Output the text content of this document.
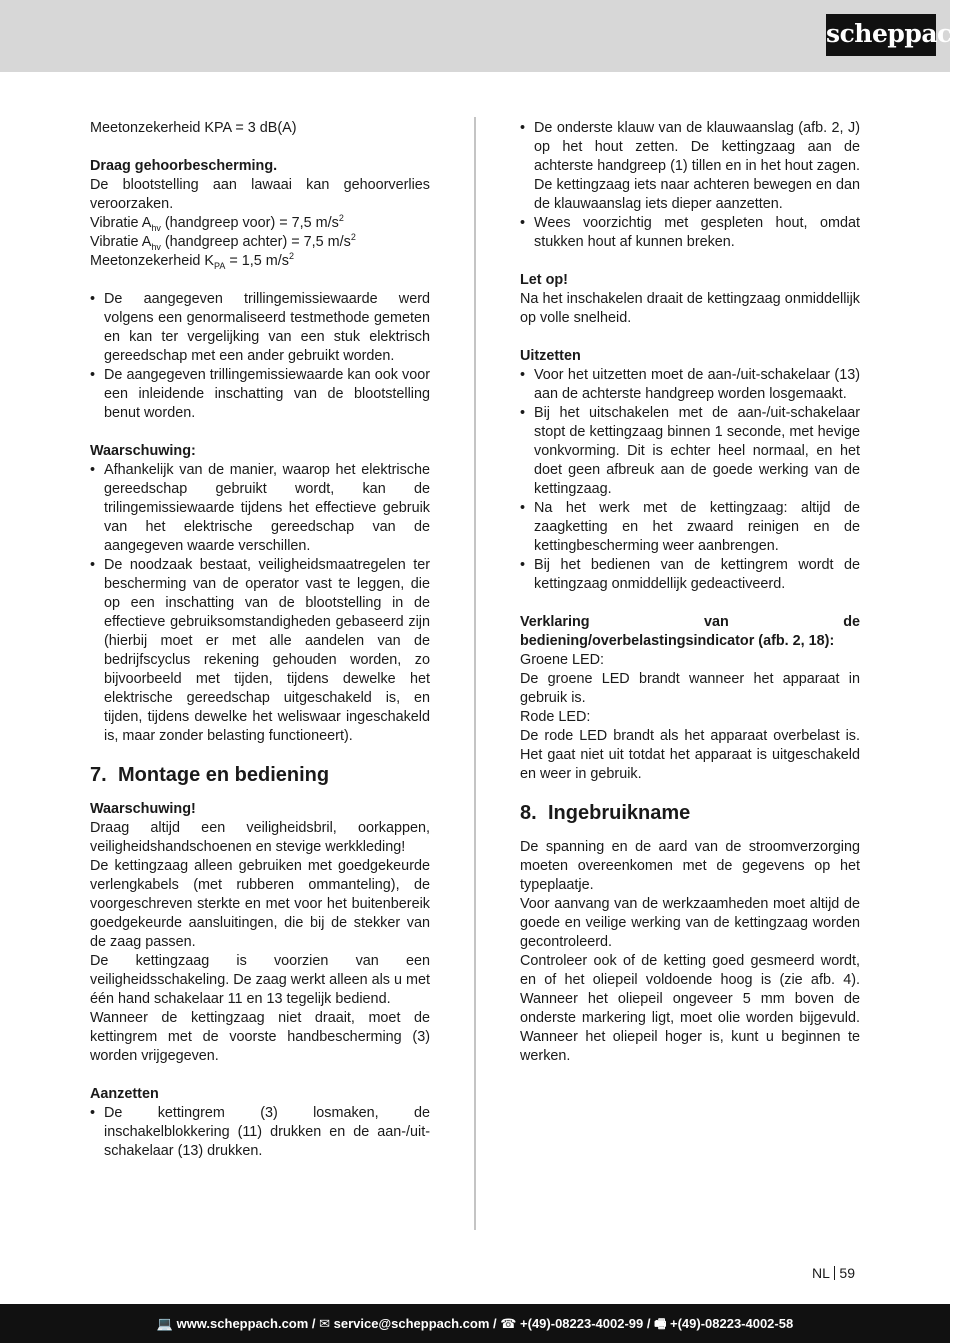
scheppach

Meetonzekerheid KPA = 3 dB(A)

Draag gehoorbescherming.

De blootstelling aan lawaai kan gehoorverlies veroorzaken.

Vibratie $A_{hv}$ (handgreep voor) = 7,5 $m/s^2$

Vibratie $A_{hv}$ (handgreep achter) = 7,5 $m/s^2$

Meetonzekerheid $K_{PA} = 1,5$ $m/s^2$

• De aangegeven trillingemissiewaarde werd volgens een genormaliseerd testmethode gemeten en kan ter vergelijking van een stuk elektrisch gereedschap met een ander gebruikt worden.
• De aangegeven trillingemissiewaarde kan ook voor een inleidende inschatting van de blootstelling benut worden.

Waarschuwing:

• Afhankelijk van de manier, waarop het elektrische gereedschap gebruikt wordt, kan de trilingemissiewaarde tijdens het effectieve gebruik van het elektrische gereedschap van de aangegeven waarde verschillen.
• De noodzaak bestaat, veiligheidsmaatregelen ter bescherming van de operator vast te leggen, die op een inschatting van de blootstelling in de effectieve gebruiksomstandigheden gebaseerd zijn (hierbij moet er met alle aandelen van de bedrijfscyclus rekening gehouden worden, zo bijvoorbeeld met tijden, tijdens dewelke het elektrische gereedschap uitgeschakeld is, en tijden, tijdens dewelke het weliswaar ingeschakeld is, maar zonder belasting functioneert).
7. Montage en bediening

Waarschuwing!

Draag altijd een veiligheidsbril, oorkappen, veiligheidshandschoenen en stevige werkkleding!

De kettingzaag alleen gebruiken met goedgekeurde verlengkabels (met rubberen ommanteling), de voorgeschreven sterkte en met voor het buitenbereik goedgekeurde aansluitingen, die bij de stekker van de zaag passen.

De kettingzaag is voorzien van een veiligheidsschakeling. De zaag werkt alleen als u met één hand schakelaar 11 en 13 tegelijk bediend.

Wanneer de kettingzaag niet draait, moet de kettingrem met de voorste handbescherming (3) worden vrijgegeven.

Aanzetten

• De kettingrem (3) losmaken, de inschakelblokkering (11) drukken en de aan-/uit-schakelaar (13) drukken.
• De onderste klauw van de klauwaanslag (afb. 2, J) op het hout zetten. De kettingzaag aan de achterste handgreep (1) tillen en in het hout zagen. De kettingzaag iets naar achteren bewegen en dan de klauwaanslag iets dieper aanzetten.
• Wees voorzichtig met gespleten hout, omdat stukken hout af kunnen breken.

Let op!

Na het inschakelen draait de kettingzaag onmiddellijk op volle snelheid.

Uitzetten

• Voor het uitzetten moet de aan-/uit-schakelaar (13) aan de achterste handgreep worden losgemaakt.
• Bij het uitschakelen met de aan-/uit-schakelaar stopt de kettingzaag binnen 1 seconde, met hevige vonkvorming. Dit is echter heel normaal, en het doet geen afbreuk aan de goede werking van de kettingzaag.
• Na het werk met de kettingzaag: altijd de zaagketting en het zwaard reinigen en de kettingbescherming weer aanbrengen.
• Bij het bedienen van de kettingrem wordt de kettingzaag onmiddellijk gedeactiveerd.

Verklaring van de bediening/overbelastingsindicator (afb. 2, 18):

Groene LED:

De groene LED brandt wanneer het apparaat in gebruik is.

Rode LED:

De rode LED brandt als het apparaat overbelast is. Het gaat niet uit totdat het apparaat is uitgeschakeld en weer in gebruik.

8. Ingebruikname

De spanning en de aard van de stroomverzorging moeten overeenkomen met de gegevens op het typeplaatje.

Voor aanvang van de werkzaamheden moet altijd de goede en veilige werking van de kettingzaag worden gecontroleerd.

Controleer ook of de ketting goed gesmeerd wordt, en of het oliepeil voldoende hoog is (zie afb. 4). Wanneer het oliepeil ongeveer 5 mm boven de onderste markering ligt, moet olie worden bijgevuld. Wanneer het oliepeil hoger is, kunt u beginnen te werken.

NL 59
💻 www.scheppach.com / ✉ service@scheppach.com / ☎ +(49)-08223-4002-99 / 🖷 +(49)-08223-4002-58
